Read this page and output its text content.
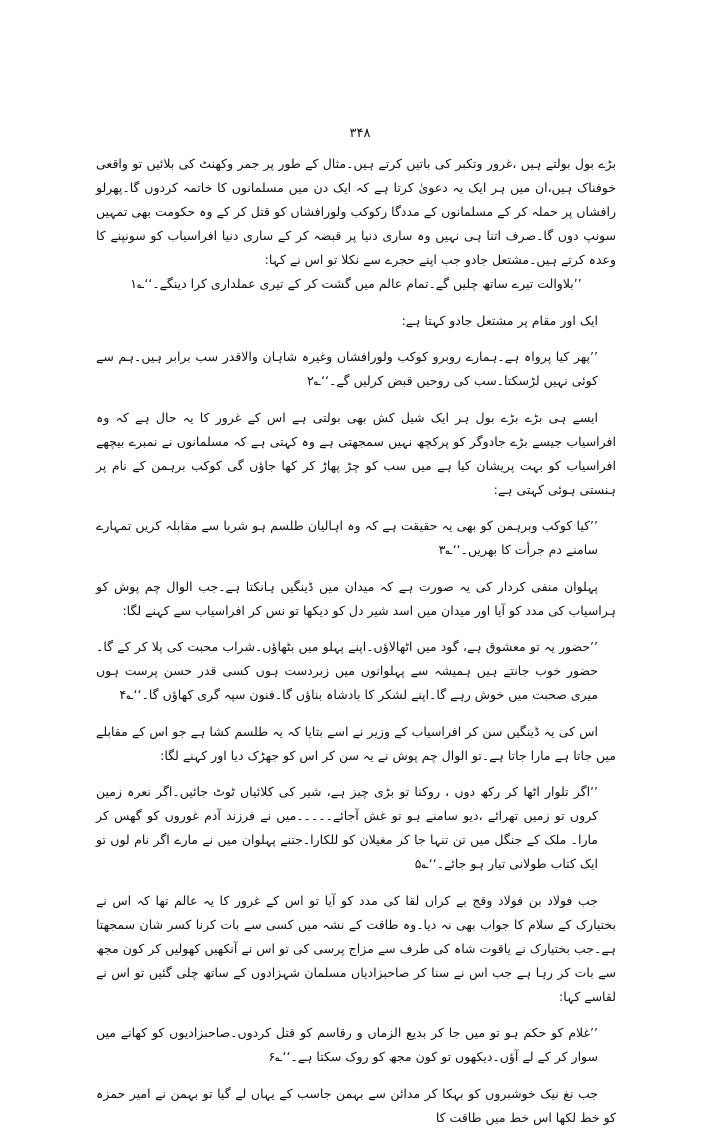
۳۴۸

بڑے بول بولتے ہیں ،غرور وتکبر کی باتیں کرتے ہیں۔مثال کے طور پر جمر وکھنٹ کی بلائیں تو واقعی خوفناک ہیں،ان میں ہر ایک یہ دعویٰ کرتا ہے کہ ایک دن میں مسلمانوں کا خاتمہ کردوں گا۔پھرلو رافشاں پر حملہ کر کے مسلمانوں کے مددگا رکوکب ولورافشاں کو قتل کر کے وہ حکومت بھی تمہیں سونپ دوں گا۔صرف اتنا ہی نہیں وہ ساری دنیا پر قبضہ کر کے ساری دنیا افراسیاب کو سونپنے کا وعدہ کرتے ہیں۔مشتعل جادو جب اپنے حجرے سے نکلا تو اس نے کہا:

’’بلاوالت تیرے ساتھ چلیں گے۔تمام عالم میں گشت کر کے تیری عملداری کرا دینگے۔‘‘؎۱

ایک اور مقام پر مشتعل جادو کہتا ہے:

’’پھر کیا پرواہ ہے۔ہمارے روبرو کوکب ولورافشاں وغیرہ شاہان والاقدر سب برابر ہیں۔ہم سے کوئی نہیں لڑسکتا۔سب کی روحیں قبض کرلیں گے۔‘‘؎۲

ایسے ہی بڑے بڑے بول ہر ایک شیل کش بھی بولتی ہے اس کے غرور کا یہ حال ہے کہ وہ افراسیاب جیسے بڑے جادوگر کو پرکچھ نہیں سمجھتی ہے وہ کہتی ہے کہ مسلمانوں نے نمبرے بیچھے افراسیاب کو بہت پریشان کیا ہے میں سب کو چڑ پھاڑ کر کھا جاؤں گی کوکب برہمن کے نام پر ہنستی ہوئی کہتی ہے:

’’کیا کوکب وبرہمن کو بھی یہ حقیقت ہے کہ وہ اہالیان طلسم ہو شربا سے مقابلہ کریں تمہارے سامنے دم جرأت کا بھریں۔‘‘؎۳

پہلوان منفی کردار کی یہ صورت ہے کہ میدان میں ڈینگیں ہانکتا ہے۔جب الوال چم پوش کو ہراسیاب کی مدد کو آیا اور میدان میں اسد شیر دل کو دیکھا تو نس کر افراسیاب سے کہنے لگا:

’’حضور یہ تو معشوق ہے، گود میں اٹھالاؤں۔اپنے پہلو میں بٹھاؤں۔شراب محبت کی پلا کر کے گا۔حضور خوب جانتے ہیں ہمیشہ سے پہلوانوں میں زبردست ہوں کسی قدر حسن پرست ہوں میری صحبت میں خوش رہے گا۔اپنے لشکر کا بادشاہ بناؤں گا۔فنون سپہ گری کھاؤں گا۔‘‘؎۴

اس کی یہ ڈینگیں سن کر افراسیاب کے وزیر نے اسے بتایا کہ یہ طلسم کشا ہے جو اس کے مقابلے میں جاتا ہے مارا جاتا ہے۔تو الوال چم پوش نے یہ سن کر اس کو جھڑک دیا اور کہنے لگا:

’’اگر تلوار اٹھا کر رکھ دوں ، روکنا تو بڑی چیز ہے، شیر کی کلائیاں ٹوٹ جائیں۔اگر نعرہ زمین کروں تو زمیں تھرائے ،دیو سامنے ہو تو غش آجائے۔۔۔۔۔میں نے فرزند آدم غوروں کو گھس کر مارا۔ ملک کے جنگل میں تن تنہا جا کر مغیلان کو للکارا۔جتنے پہلوان میں نے مارے اگر نام لوں تو ایک کتاب طولانی تیار ہو جائے۔‘‘؎۵

جب فولاد بن فولاد وقج بے کراں لقا کی مدد کو آیا تو اس کے غرور کا یہ عالم تھا کہ اس نے بختیارک کے سلام کا جواب بھی نہ دیا۔وہ طاقت کے نشہ میں کسی سے بات کرنا کسر شان سمجھتا ہے۔جب بختیارک نے یاقوت شاہ کی طرف سے مزاج پرسی کی تو اس نے آنکھیں کھولیں کر کون مجھ سے بات کر رہا ہے جب اس نے سنا کر صاحبزادیاں مسلمان شہزادوں کے ساتھ چلی گئیں تو اس نے لقاسے کہا:

’’غلام کو حکم ہو تو میں جا کر بدیع الزماں و رقاسم کو قتل کردوں۔صاحبزادیوں کو کھانے میں سوار کر کے لے آؤں۔دیکھوں تو کون مجھ کو روک سکتا ہے۔‘‘؎۶

جب نغ نیک خوشبروں کو بہکا کر مدائن سے بہمن جاسب کے یہاں لے گیا تو بہمن نے امیر حمزہ کو خط لکھا اس خط میں طاقت کا
